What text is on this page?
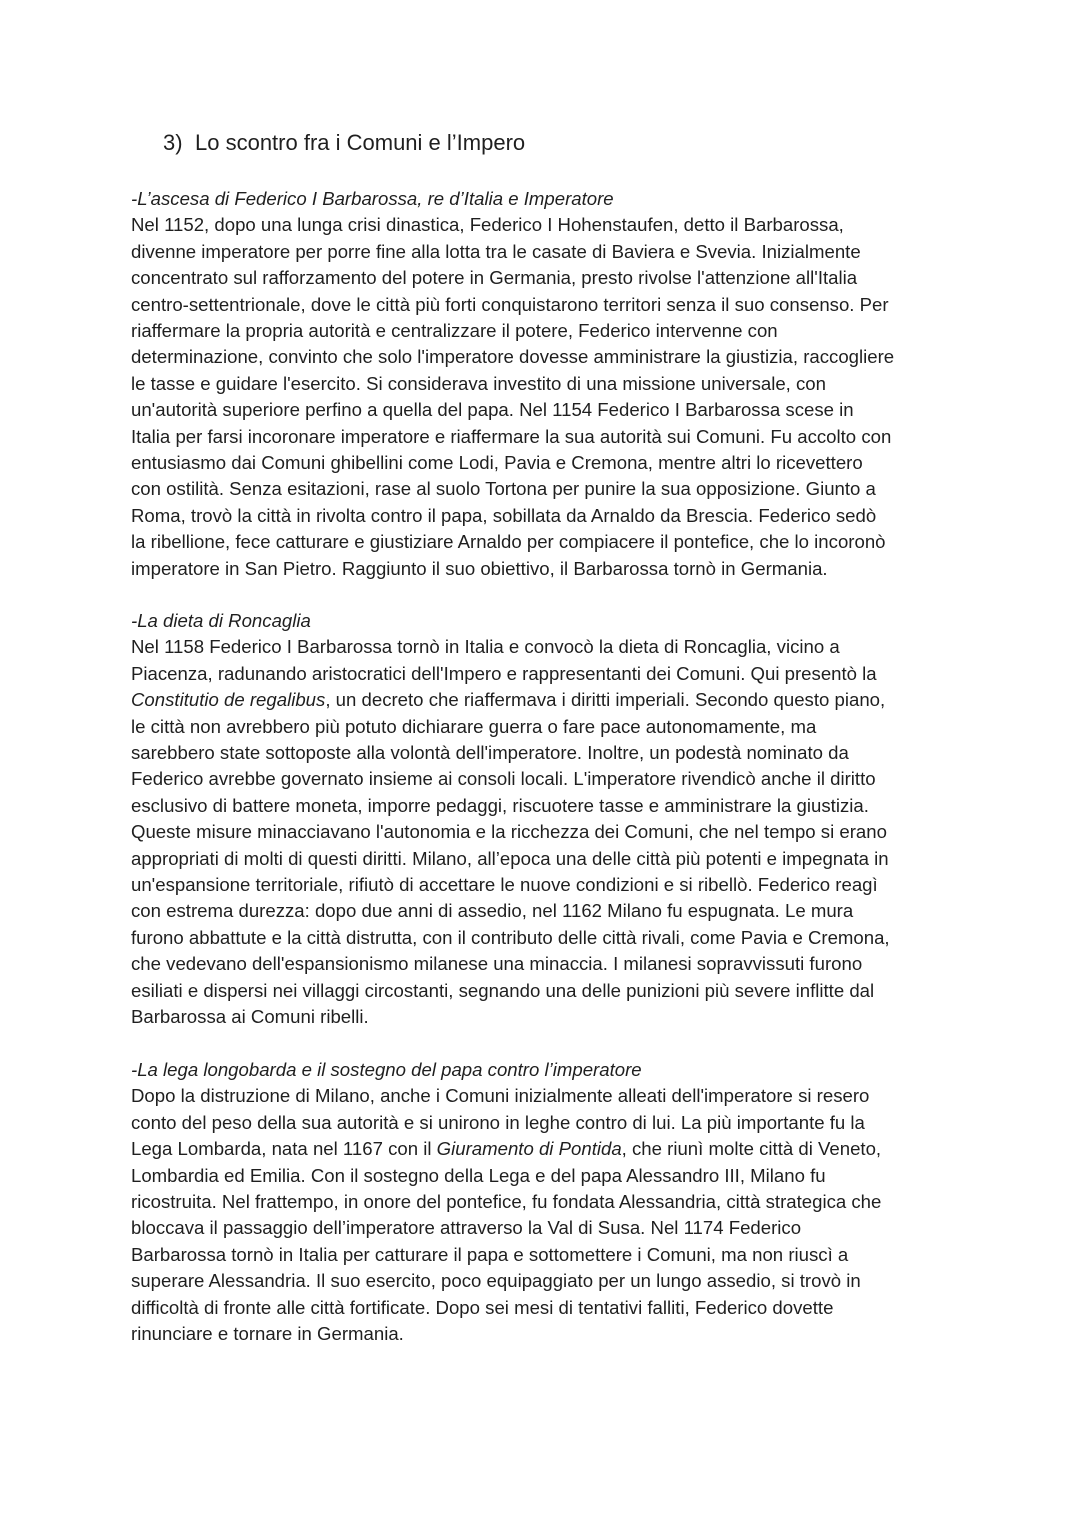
3) Lo scontro fra i Comuni e l’Impero
-L’ascesa di Federico I Barbarossa, re d’Italia e Imperatore
Nel 1152, dopo una lunga crisi dinastica, Federico I Hohenstaufen, detto il Barbarossa,
divenne imperatore per porre fine alla lotta tra le casate di Baviera e Svevia. Inizialmente
concentrato sul rafforzamento del potere in Germania, presto rivolse l'attenzione all'Italia
centro-settentrionale, dove le città più forti conquistarono territori senza il suo consenso. Per
riaffermare la propria autorità e centralizzare il potere, Federico intervenne con
determinazione, convinto che solo l'imperatore dovesse amministrare la giustizia, raccogliere
le tasse e guidare l'esercito. Si considerava investito di una missione universale, con
un'autorità superiore perfino a quella del papa. Nel 1154 Federico I Barbarossa scese in
Italia per farsi incoronare imperatore e riaffermare la sua autorità sui Comuni. Fu accolto con
entusiasmo dai Comuni ghibellini come Lodi, Pavia e Cremona, mentre altri lo ricevettero
con ostilità. Senza esitazioni, rase al suolo Tortona per punire la sua opposizione. Giunto a
Roma, trovò la città in rivolta contro il papa, sobillata da Arnaldo da Brescia. Federico sedò
la ribellione, fece catturare e giustiziare Arnaldo per compiacere il pontefice, che lo incoronò
imperatore in San Pietro. Raggiunto il suo obiettivo, il Barbarossa tornò in Germania.
-La dieta di Roncaglia
Nel 1158 Federico I Barbarossa tornò in Italia e convocò la dieta di Roncaglia, vicino a
Piacenza, radunando aristocratici dell'Impero e rappresentanti dei Comuni. Qui presentò la
Constitutio de regalibus, un decreto che riaffermava i diritti imperiali. Secondo questo piano,
le città non avrebbero più potuto dichiarare guerra o fare pace autonomamente, ma
sarebbero state sottoposte alla volontà dell'imperatore. Inoltre, un podestà nominato da
Federico avrebbe governato insieme ai consoli locali. L'imperatore rivendicò anche il diritto
esclusivo di battere moneta, imporre pedaggi, riscuotere tasse e amministrare la giustizia.
Queste misure minacciavano l'autonomia e la ricchezza dei Comuni, che nel tempo si erano
appropriati di molti di questi diritti. Milano, all’epoca una delle città più potenti e impegnata in
un'espansione territoriale, rifiutò di accettare le nuove condizioni e si ribellò. Federico reagì
con estrema durezza: dopo due anni di assedio, nel 1162 Milano fu espugnata. Le mura
furono abbattute e la città distrutta, con il contributo delle città rivali, come Pavia e Cremona,
che vedevano dell'espansionismo milanese una minaccia. I milanesi sopravvissuti furono
esiliati e dispersi nei villaggi circostanti, segnando una delle punizioni più severe inflitte dal
Barbarossa ai Comuni ribelli.
-La lega longobarda e il sostegno del papa contro l’imperatore
Dopo la distruzione di Milano, anche i Comuni inizialmente alleati dell'imperatore si resero
conto del peso della sua autorità e si unirono in leghe contro di lui. La più importante fu la
Lega Lombarda, nata nel 1167 con il Giuramento di Pontida, che riunì molte città di Veneto,
Lombardia ed Emilia. Con il sostegno della Lega e del papa Alessandro III, Milano fu
ricostruita. Nel frattempo, in onore del pontefice, fu fondata Alessandria, città strategica che
bloccava il passaggio dell’imperatore attraverso la Val di Susa. Nel 1174 Federico
Barbarossa tornò in Italia per catturare il papa e sottomettere i Comuni, ma non riuscì a
superare Alessandria. Il suo esercito, poco equipaggiato per un lungo assedio, si trovò in
difficoltà di fronte alle città fortificate. Dopo sei mesi di tentativi falliti, Federico dovette
rinunciare e tornare in Germania.
